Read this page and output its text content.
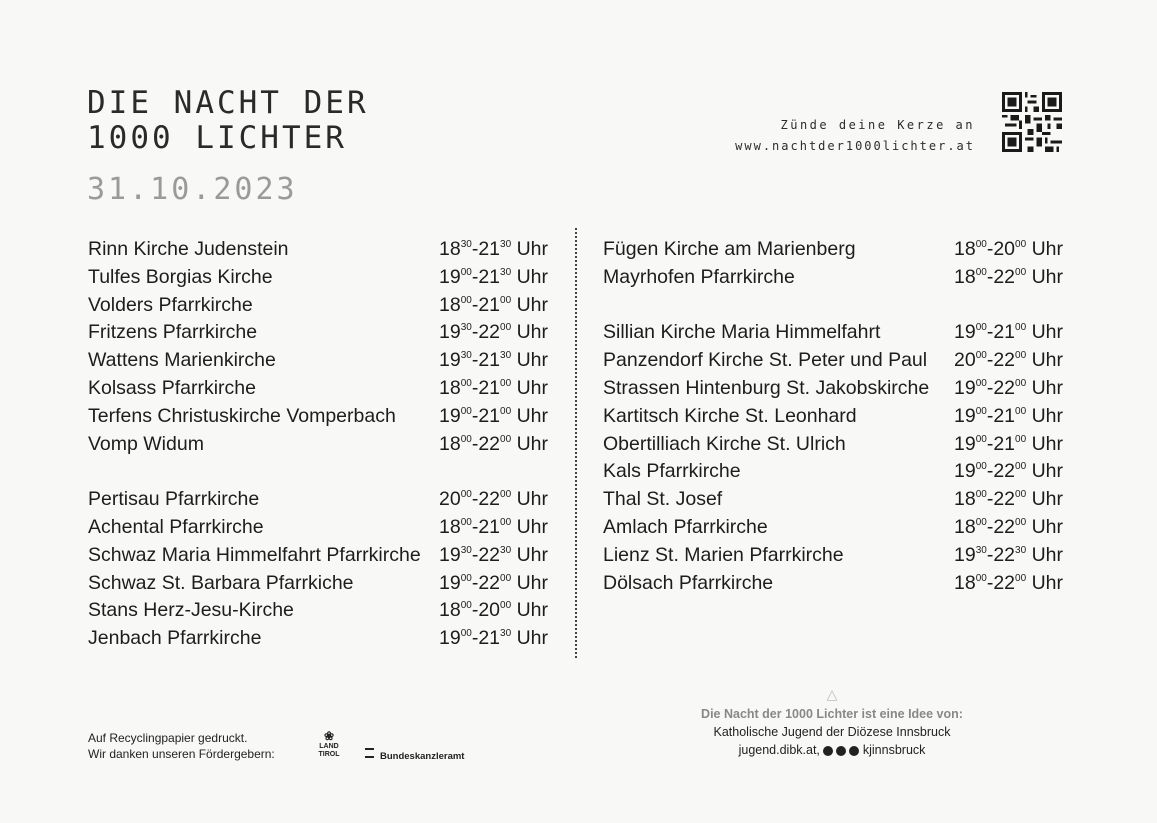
DIE NACHT DER
1000 LICHTER
31.10.2023
Zünde deine Kerze an
www.nachtder1000lichter.at
Rinn Kirche Judenstein	$18^{30}-21^{30}$ Uhr
Tulfes Borgias Kirche	$19^{00}-21^{30}$ Uhr
Volders Pfarrkirche	$18^{00}-21^{00}$ Uhr
Fritzens Pfarrkirche	$19^{30}-22^{00}$ Uhr
Wattens Marienkirche	$19^{30}-21^{30}$ Uhr
Kolsass Pfarrkirche	$18^{00}-21^{00}$ Uhr
Terfens Christuskirche Vomperbach $19^{00}-21^{00}$ Uhr
Vomp Widum	$18^{00}-22^{00}$ Uhr
Pertisau Pfarrkirche	$20^{00}-22^{00}$ Uhr
Achental Pfarrkirche	$18^{00}-21^{00}$ Uhr
Schwaz Maria Himmelfahrt Pfarrkirche $19^{30}-22^{30}$ Uhr
Schwaz St. Barbara Pfarrkiche	$19^{00}-22^{00}$ Uhr
Stans Herz-Jesu-Kirche	$18^{00}-20^{00}$ Uhr
Jenbach Pfarrkirche	$19^{00}-21^{30}$ Uhr
Fügen Kirche am Marienberg	$18^{00}-20^{00}$ Uhr
Mayrhofen Pfarrkirche	$18^{00}-22^{00}$ Uhr
Sillian Kirche Maria Himmelfahrt	$19^{00}-21^{00}$ Uhr
Panzendorf Kirche St. Peter und Paul $20^{00}-22^{00}$ Uhr
Strassen Hintenburg St. Jakobskirche $19^{00}-22^{00}$ Uhr
Kartitsch Kirche St. Leonhard	$19^{00}-21^{00}$ Uhr
Obertilliach Kirche St. Ulrich	$19^{00}-21^{00}$ Uhr
Kals Pfarrkirche	$19^{00}-22^{00}$ Uhr
Thal St. Josef	$18^{00}-22^{00}$ Uhr
Amlach Pfarrkirche	$18^{00}-22^{00}$ Uhr
Lienz St. Marien Pfarrkirche	$19^{30}-22^{30}$ Uhr
Dölsach Pfarrkirche	$18^{00}-22^{00}$ Uhr
Auf Recyclingpapier gedruckt.
Wir danken unseren Fördergebern:
❀
LAND
TIROL	Bundeskanzleramt
△
Die Nacht der 1000 Lichter ist eine Idee von:
Katholische Jugend der Diözese Innsbruck
jugend.dibk.at,	kjinnsbruck
